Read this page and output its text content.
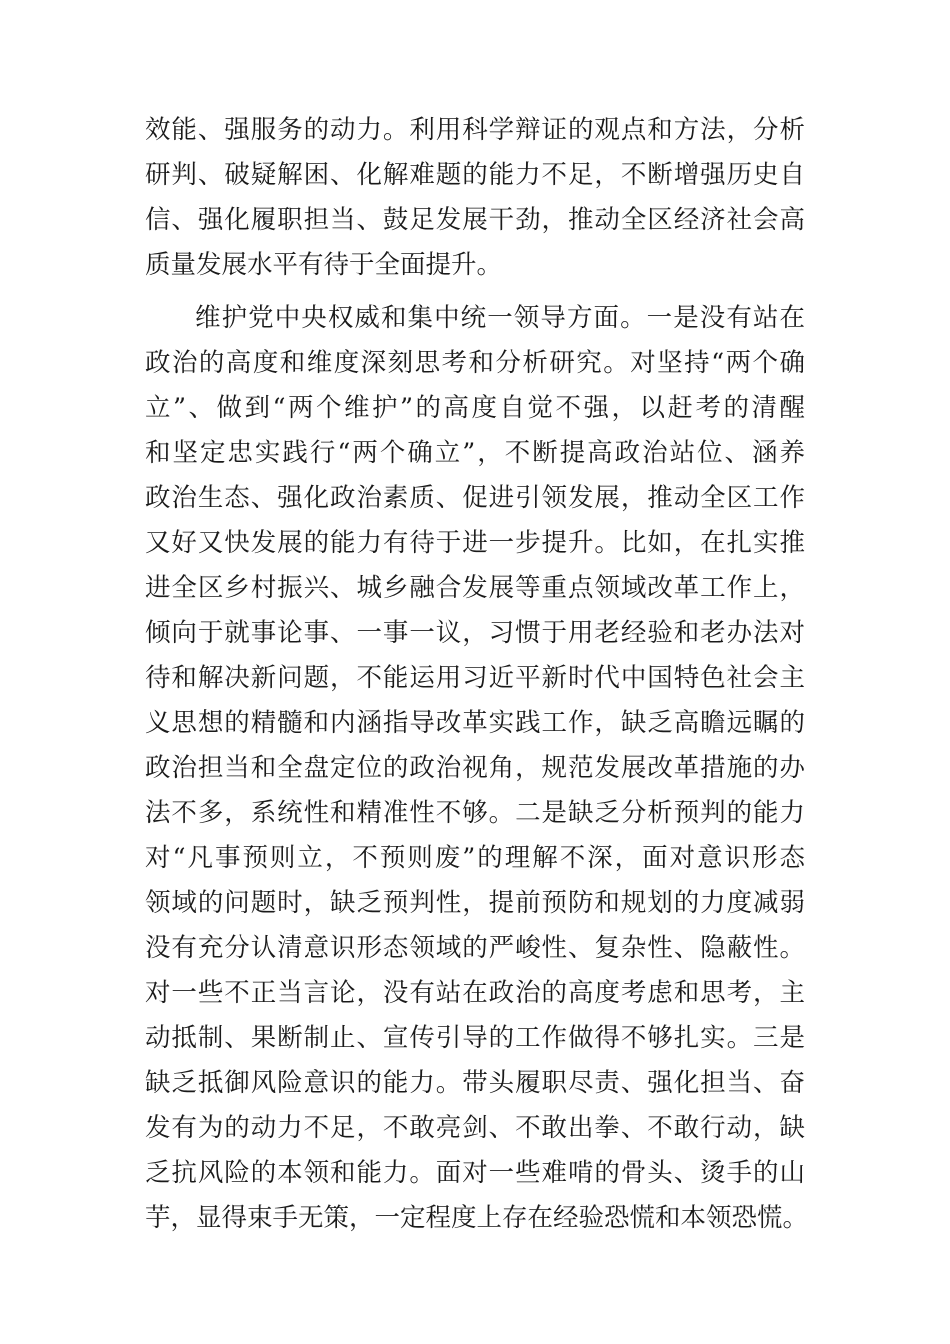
效能、强服务的动力。利用科学辩证的观点和方法，分析
研判、破疑解困、化解难题的能力不足，不断增强历史自
信、强化履职担当、鼓足发展干劲，推动全区经济社会高
质量发展水平有待于全面提升。
维护党中央权威和集中统一领导方面。一是没有站在
政治的高度和维度深刻思考和分析研究。对坚持“两个确
立”、做到“两个维护”的高度自觉不强，以赶考的清醒
和坚定忠实践行“两个确立”，不断提高政治站位、涵养
政治生态、强化政治素质、促进引领发展，推动全区工作
又好又快发展的能力有待于进一步提升。比如，在扎实推
进全区乡村振兴、城乡融合发展等重点领域改革工作上，
倾向于就事论事、一事一议，习惯于用老经验和老办法对
待和解决新问题，不能运用习近平新时代中国特色社会主
义思想的精髓和内涵指导改革实践工作，缺乏高瞻远瞩的
政治担当和全盘定位的政治视角，规范发展改革措施的办
法不多，系统性和精准性不够。二是缺乏分析预判的能力
对“凡事预则立，不预则废”的理解不深，面对意识形态
领域的问题时，缺乏预判性，提前预防和规划的力度减弱
没有充分认清意识形态领域的严峻性、复杂性、隐蔽性。
对一些不正当言论，没有站在政治的高度考虑和思考，主
动抵制、果断制止、宣传引导的工作做得不够扎实。三是
缺乏抵御风险意识的能力。带头履职尽责、强化担当、奋
发有为的动力不足，不敢亮剑、不敢出拳、不敢行动，缺
乏抗风险的本领和能力。面对一些难啃的骨头、烫手的山
芋，显得束手无策，一定程度上存在经验恐慌和本领恐慌。
